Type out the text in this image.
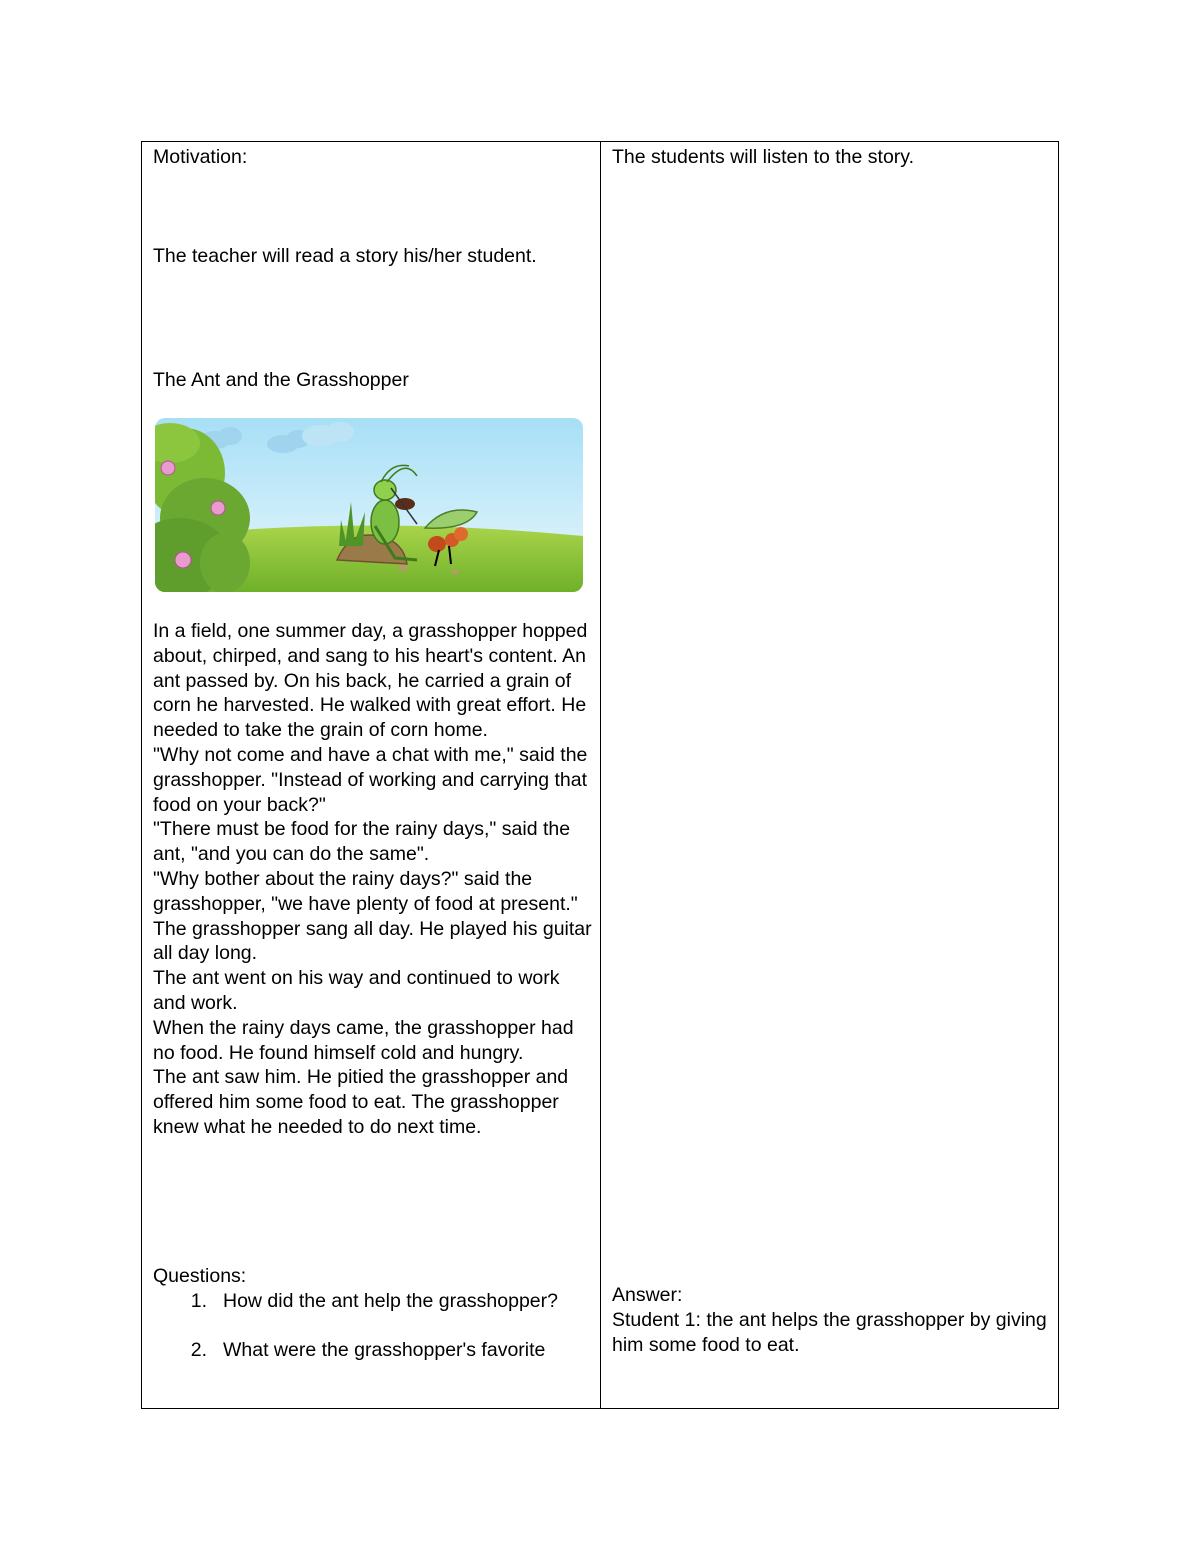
Motivation:

The teacher will read a story his/her student.

The Ant and the Grasshopper

In a field, one summer day, a grasshopper hopped about, chirped, and sang to his heart's content. An ant passed by. On his back, he carried a grain of corn he harvested. He walked with great effort. He needed to take the grain of corn home.

"Why not come and have a chat with me," said the grasshopper. "Instead of working and carrying that food on your back?"

"There must be food for the rainy days," said the ant, "and you can do the same".

"Why bother about the rainy days?" said the grasshopper, "we have plenty of food at present." The grasshopper sang all day. He played his guitar all day long.

The ant went on his way and continued to work and work.

When the rainy days came, the grasshopper had no food. He found himself cold and hungry.

The ant saw him. He pitied the grasshopper and offered him some food to eat. The grasshopper knew what he needed to do next time.

Questions:

1. How did the ant help the grasshopper?
2. What were the grasshopper's favorite

The students will listen to the story.

Answer:

Student 1: the ant helps the grasshopper by giving him some food to eat.
